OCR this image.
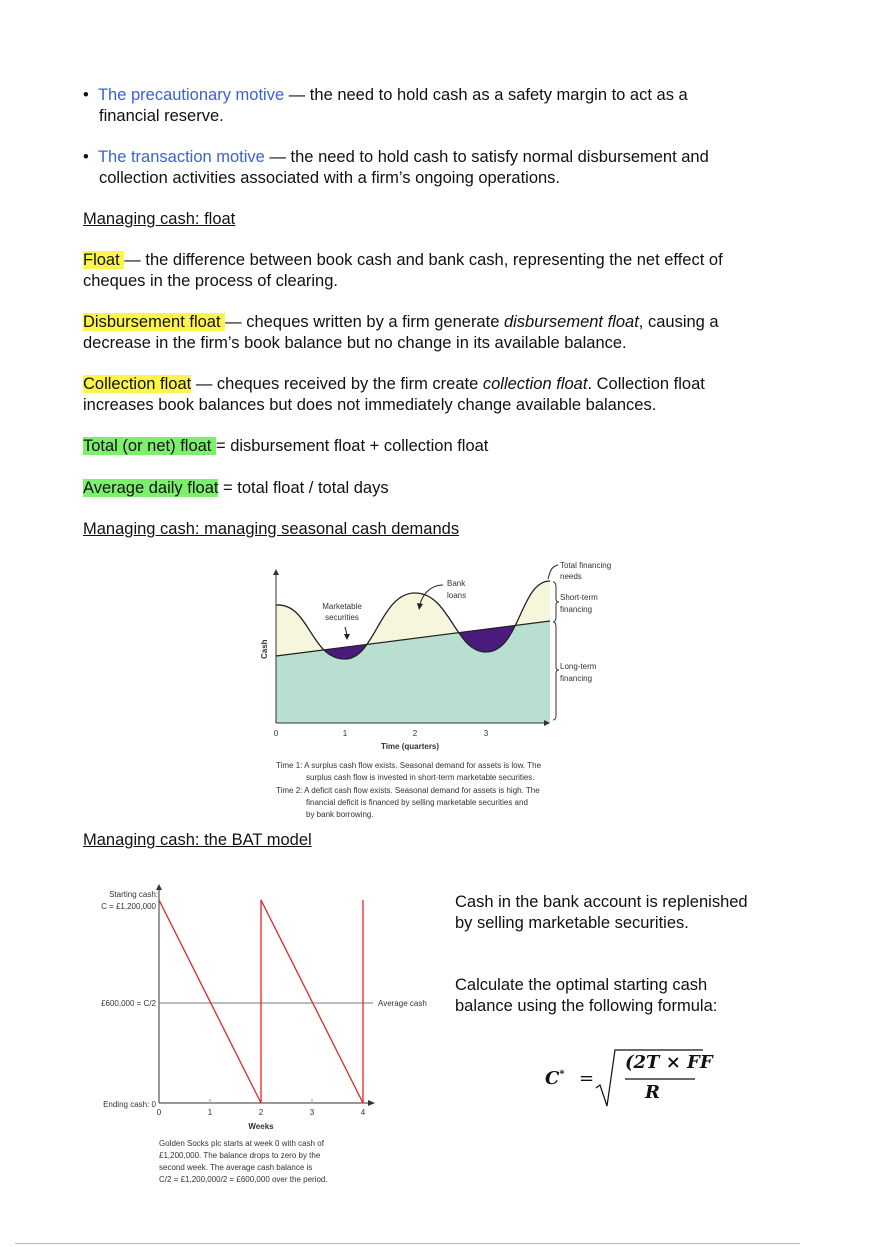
•  The precautionary motive — the need to hold cash as a safety margin to act as a
financial reserve.
•  The transaction motive — the need to hold cash to satisfy normal disbursement and
collection activities associated with a firm’s ongoing operations.
Managing cash: float
Float — the difference between book cash and bank cash, representing the net effect of
cheques in the process of clearing.
Disbursement float — cheques written by a firm generate disbursement float, causing a
decrease in the firm’s book balance but no change in its available balance.
Collection float — cheques received by the firm create collection float. Collection float
increases book balances but does not immediately change available balances.
Total (or net) float = disbursement float + collection float
Average daily float = total float / total days
Managing cash: managing seasonal cash demands
0	1	2	3
Time (quarters)
Cash
Marketable
securities
Bank
loans
Total financing
needs
Short-term
financing
Long-term
financing
Time 1: A surplus cash flow exists. Seasonal demand for assets is low. The
surplus cash flow is invested in short-term marketable securities.
Time 2: A deficit cash flow exists. Seasonal demand for assets is high. The
financial deficit is financed by selling marketable securities and
by bank borrowing.
Managing cash: the BAT model
Starting cash:
C = £1,200,000
£600,000 = C/2
Ending cash: 0
Average cash
0	1	2	3	4
Weeks
Golden Socks plc starts at week 0 with cash of
£1,200,000. The balance drops to zero by the
second week. The average cash balance is
C/2 = £1,200,000/2 = £600,000 over the period.
Cash in the bank account is replenished
by selling marketable securities.
Calculate the optimal starting cash
balance using the following formula:
C* =
(2T × FF
R
